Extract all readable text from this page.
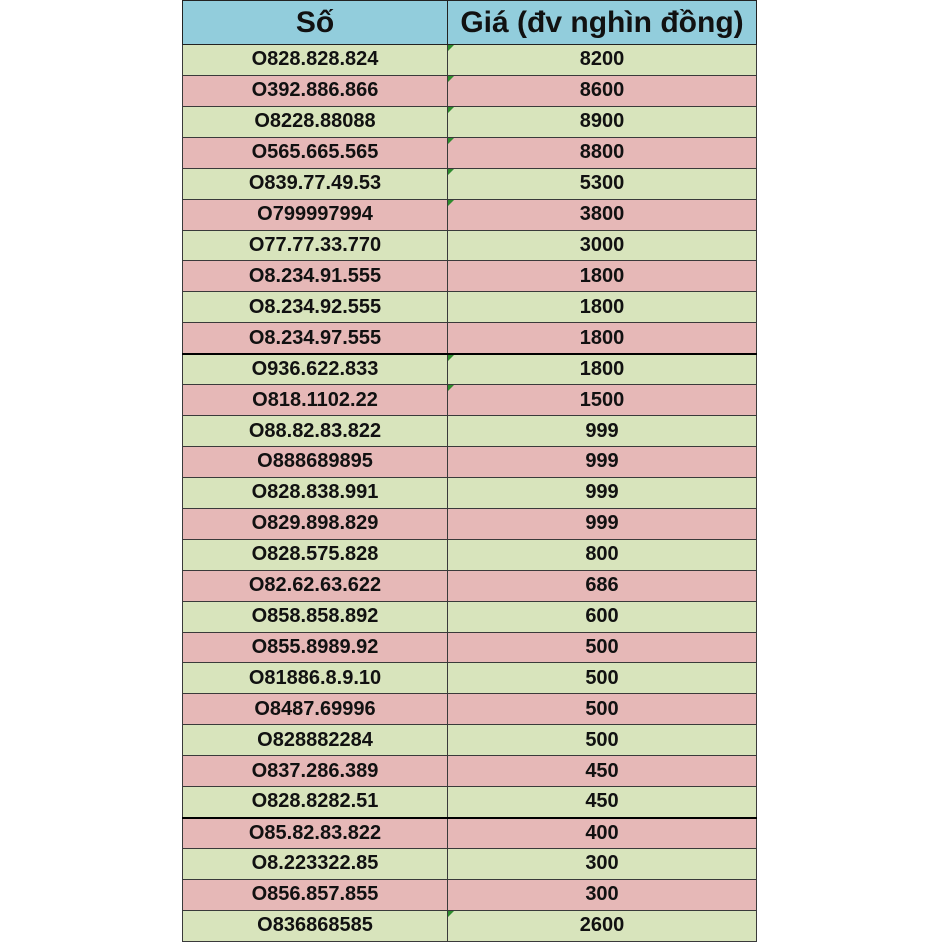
Số	Giá (đv nghìn đồng)
O828.828.824	8200
O392.886.866	8600
O8228.88088	8900
O565.665.565	8800
O839.77.49.53	5300
O799997994	3800
O77.77.33.770	3000
O8.234.91.555	1800
O8.234.92.555	1800
O8.234.97.555	1800
O936.622.833	1800
O818.1102.22	1500
O88.82.83.822	999
O888689895	999
O828.838.991	999
O829.898.829	999
O828.575.828	800
O82.62.63.622	686
O858.858.892	600
O855.8989.92	500
O81886.8.9.10	500
O8487.69996	500
O828882284	500
O837.286.389	450
O828.8282.51	450
O85.82.83.822	400
O8.223322.85	300
O856.857.855	300
O836868585	2600
